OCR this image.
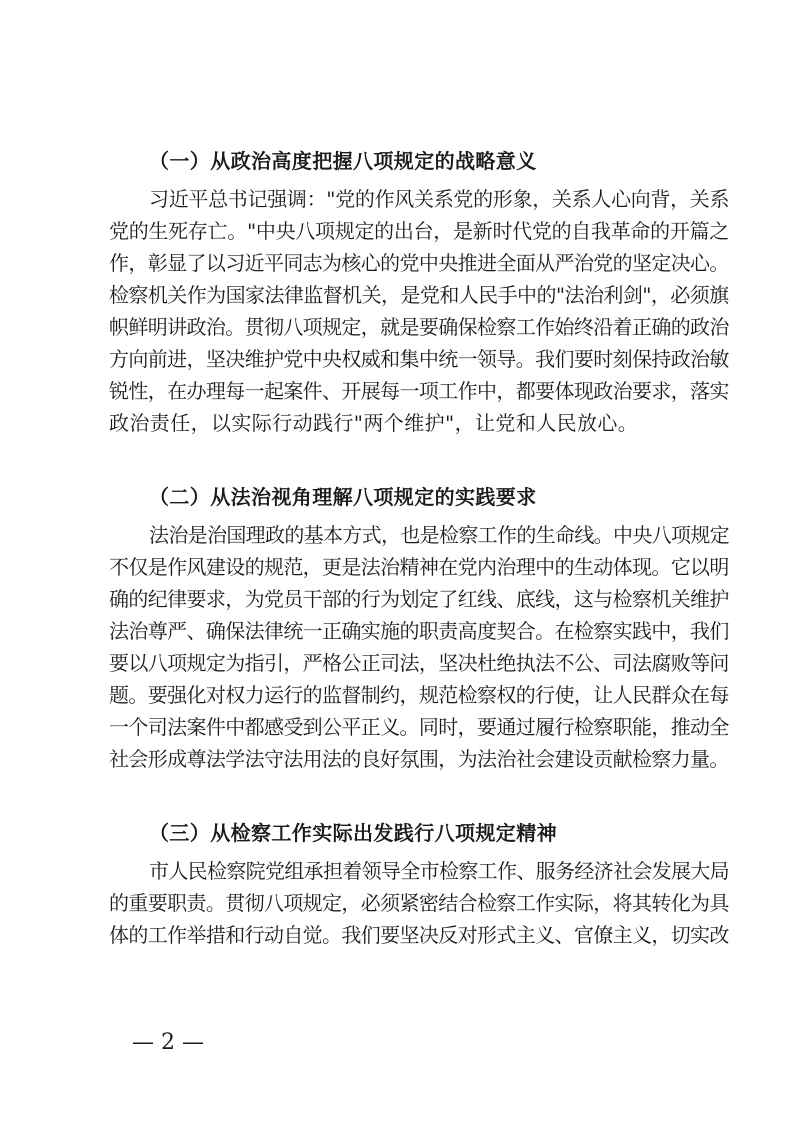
（一）从政治高度把握八项规定的战略意义
习近平总书记强调："党的作风关系党的形象，关系人心向背，关系
党的生死存亡。"中央八项规定的出台，是新时代党的自我革命的开篇之
作，彰显了以习近平同志为核心的党中央推进全面从严治党的坚定决心。
检察机关作为国家法律监督机关，是党和人民手中的"法治利剑"，必须旗
帜鲜明讲政治。贯彻八项规定，就是要确保检察工作始终沿着正确的政治
方向前进，坚决维护党中央权威和集中统一领导。我们要时刻保持政治敏
锐性，在办理每一起案件、开展每一项工作中，都要体现政治要求，落实
政治责任，以实际行动践行"两个维护"，让党和人民放心。
（二）从法治视角理解八项规定的实践要求
法治是治国理政的基本方式，也是检察工作的生命线。中央八项规定
不仅是作风建设的规范，更是法治精神在党内治理中的生动体现。它以明
确的纪律要求，为党员干部的行为划定了红线、底线，这与检察机关维护
法治尊严、确保法律统一正确实施的职责高度契合。在检察实践中，我们
要以八项规定为指引，严格公正司法，坚决杜绝执法不公、司法腐败等问
题。要强化对权力运行的监督制约，规范检察权的行使，让人民群众在每
一个司法案件中都感受到公平正义。同时，要通过履行检察职能，推动全
社会形成尊法学法守法用法的良好氛围，为法治社会建设贡献检察力量。
（三）从检察工作实际出发践行八项规定精神
市人民检察院党组承担着领导全市检察工作、服务经济社会发展大局
的重要职责。贯彻八项规定，必须紧密结合检察工作实际，将其转化为具
体的工作举措和行动自觉。我们要坚决反对形式主义、官僚主义，切实改
— 2 —
